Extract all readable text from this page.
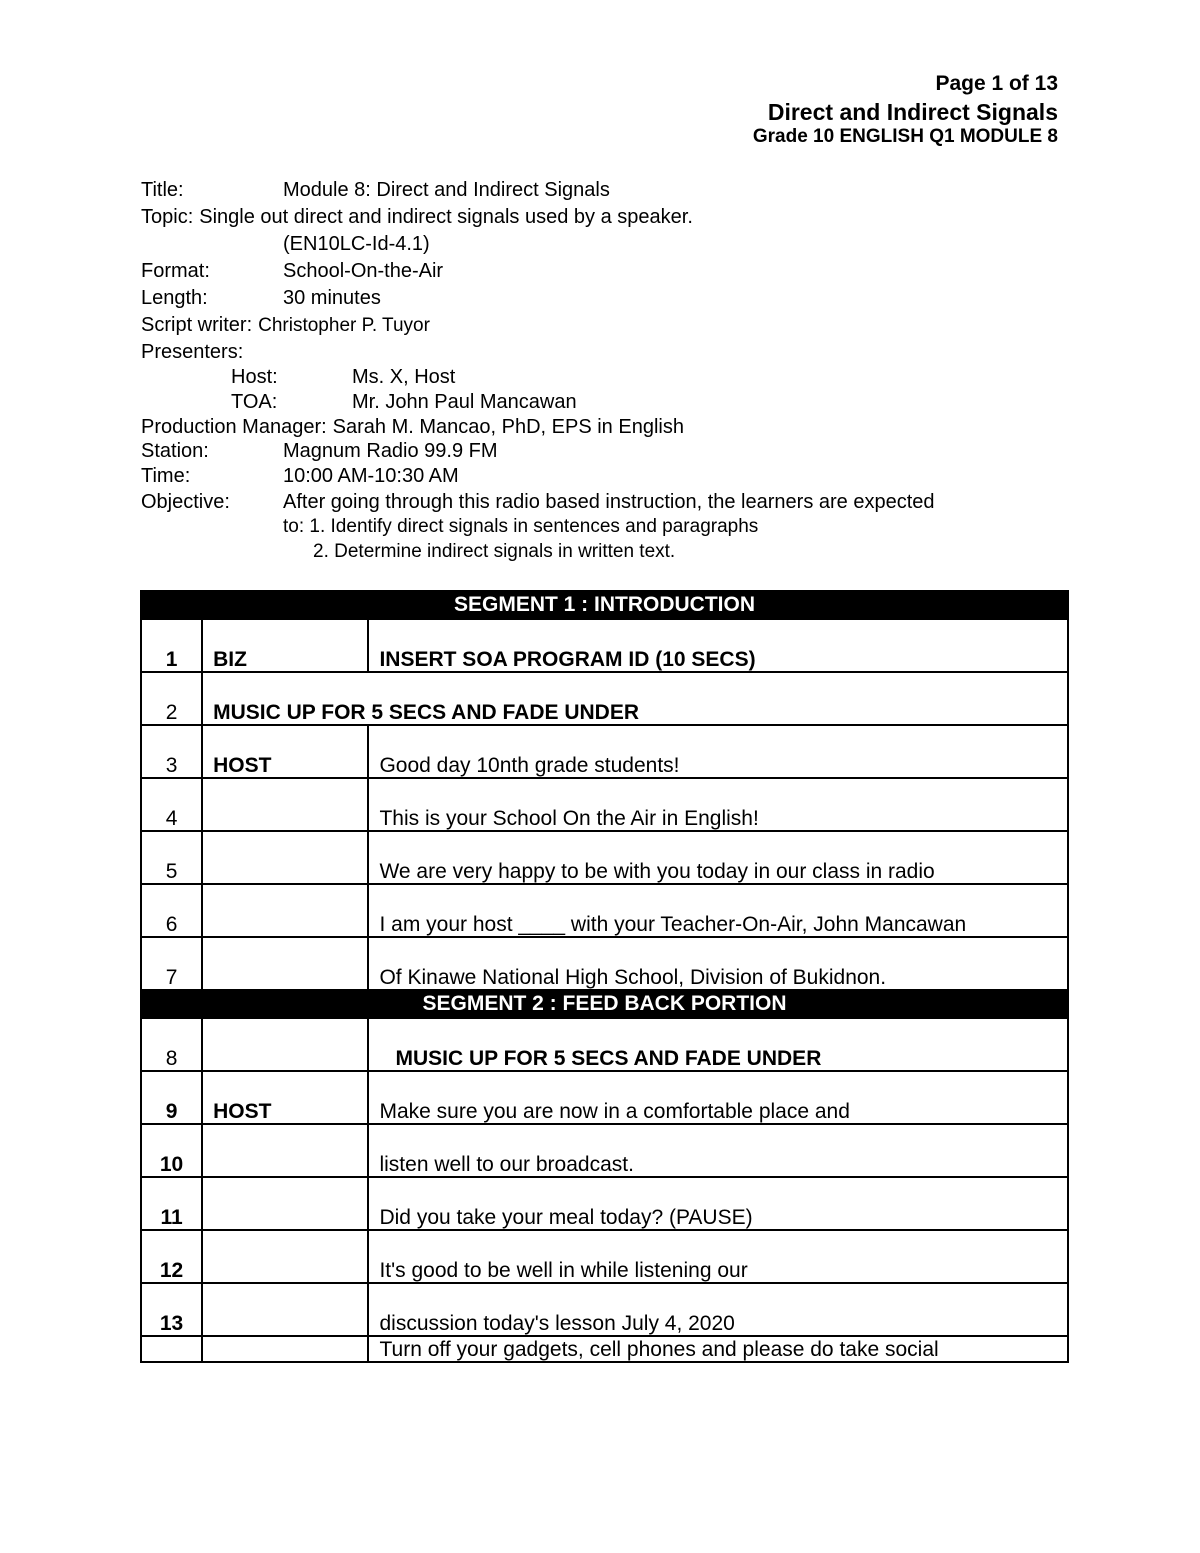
Page 1 of 13
Direct and Indirect Signals
Grade 10 ENGLISH Q1 MODULE 8
Title:	Module 8: Direct and Indirect Signals
Topic: Single out direct and indirect signals used by a speaker.
(EN10LC-Id-4.1)
Format:	School-On-the-Air
Length:	30 minutes
Script writer: Christopher P. Tuyor
Presenters:
Host:	Ms. X, Host
TOA:	Mr. John Paul Mancawan
Production Manager: Sarah M. Mancao, PhD, EPS in English
Station:	Magnum Radio 99.9 FM
Time:	10:00 AM-10:30 AM
Objective:	After going through this radio based instruction, the learners are expected
to: 1. Identify direct signals in sentences and paragraphs
2. Determine indirect signals in written text.
SEGMENT 1 : INTRODUCTION		
1	BIZ	INSERT SOA PROGRAM ID (10 SECS)
2	MUSIC UP FOR 5 SECS AND FADE UNDER	
3	HOST	Good day 10nth grade students!
4		This is your School On the Air in English!
5		We are very happy to be with you today in our class in radio
6		I am your host ____ with your Teacher-On-Air, John Mancawan
7		Of Kinawe National High School, Division of Bukidnon.
SEGMENT 2 : FEED BACK PORTION		
8		MUSIC UP FOR 5 SECS AND FADE UNDER
9	HOST	Make sure you are now in a comfortable place and
10		listen well to our broadcast.
11		Did you take your meal today? (PAUSE)
12		It's good to be well in while listening our
13		discussion today's lesson July 4, 2020
		Turn off your gadgets, cell phones and please do take social
